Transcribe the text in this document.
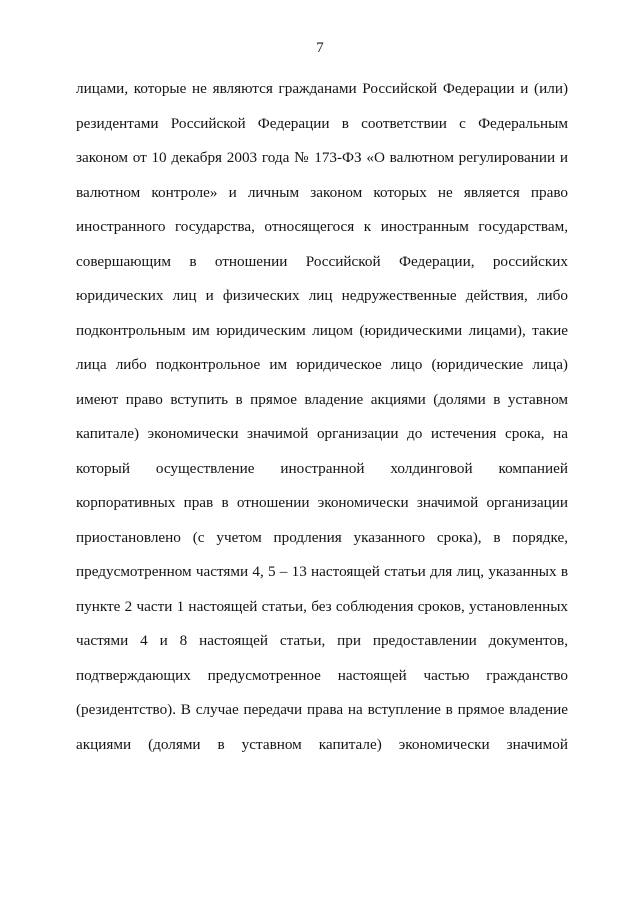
7
лицами, которые не являются гражданами Российской Федерации и (или)
резидентами Российской Федерации в соответствии с Федеральным
законом от 10 декабря 2003 года № 173-ФЗ «О валютном регулировании и
валютном контроле» и личным законом которых не является право
иностранного государства, относящегося к иностранным государствам,
совершающим в отношении Российской Федерации, российских
юридических лиц и физических лиц недружественные действия, либо
подконтрольным им юридическим лицом (юридическими лицами), такие
лица либо подконтрольное им юридическое лицо (юридические лица)
имеют право вступить в прямое владение акциями (долями в уставном
капитале) экономически значимой организации до истечения срока, на
который осуществление иностранной холдинговой компанией
корпоративных прав в отношении экономически значимой организации
приостановлено (с учетом продления указанного срока), в порядке,
предусмотренном частями 4, 5 – 13 настоящей статьи для лиц, указанных в
пункте 2 части 1 настоящей статьи, без соблюдения сроков, установленных
частями 4 и 8 настоящей статьи, при предоставлении документов,
подтверждающих предусмотренное настоящей частью гражданство
(резидентство). В случае передачи права на вступление в прямое владение
акциями (долями в уставном капитале) экономически значимой
